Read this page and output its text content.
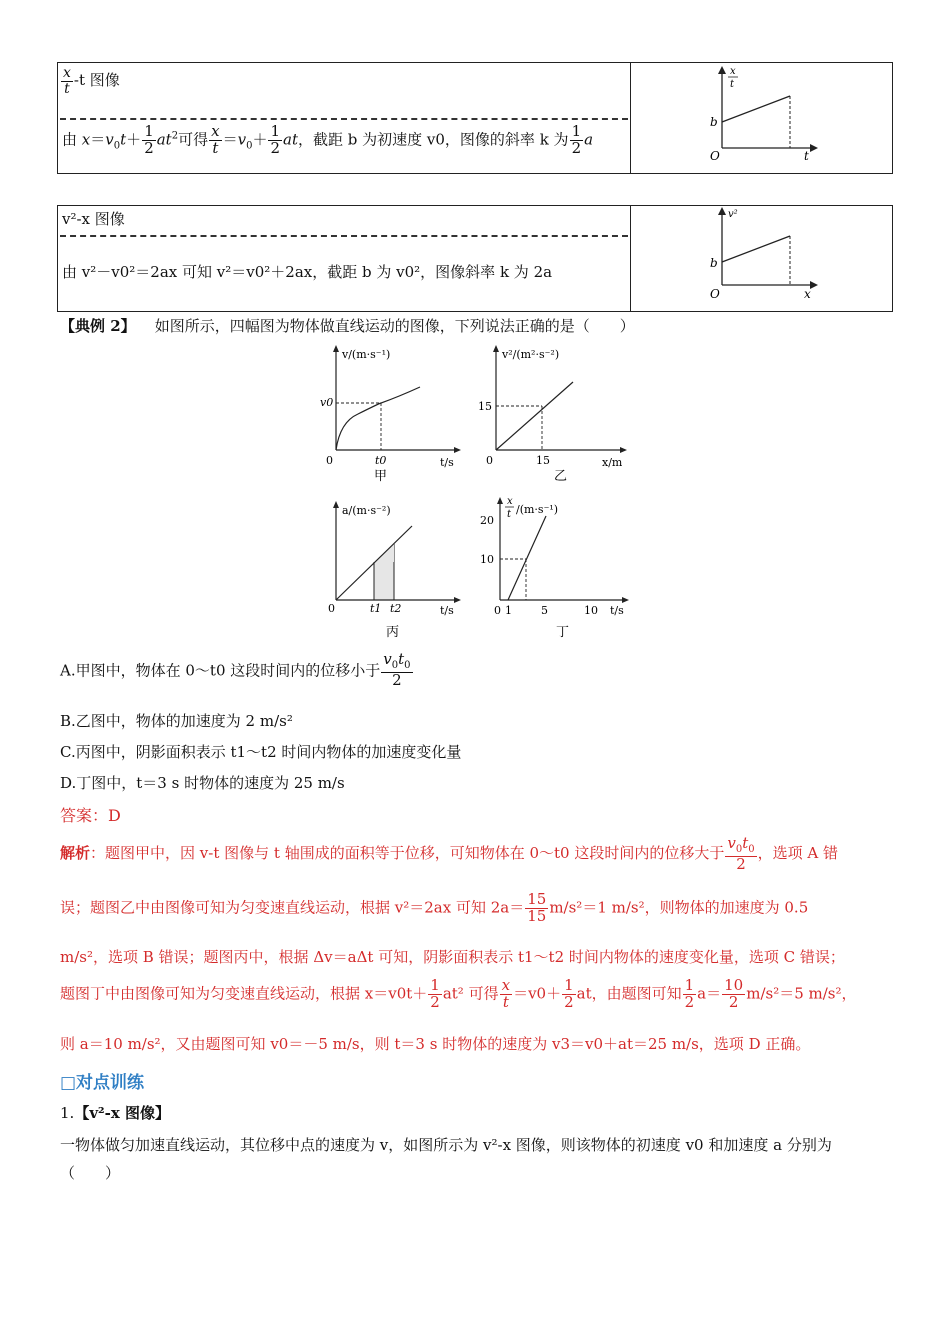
$\frac{x}{t} -t$ 图像
由 $x=v_0t+ \frac{1}{2} at^2$可得 $\frac{x}{t} =v_0+ \frac{1}{2}$ at，截距 b 为初速度 v0，图像的斜率 k 为 $\frac{1}{2}$ a
x
t
b
O	t
v²-x 图像
由 v²－v0²＝2ax 可知 v²＝v0²＋2ax，截距 b 为 v0²，图像斜率 k 为 2a
v²
b
O	x
【典例 2】 如图所示，四幅图为物体做直线运动的图像，下列说法正确的是（　　）
v/(m·s⁻¹)
v0
0	t0	t/s
甲
v²/(m²·s⁻²)
15
0	15	x/m
乙
a/(m·s⁻²)
0	t1 t2	t/s
丙
x
t /(m·s⁻¹)
20
10
0 1	5	10 t/s
丁
A.甲图中，物体在 0～t0 这段时间内的位移小于 $\frac{v_0t_0}{2}$
B.乙图中，物体的加速度为 2 m/s²
C.丙图中，阴影面积表示 t1～t2 时间内物体的加速度变化量
D.丁图中，t＝3 s 时物体的速度为 25 m/s
答案：D
解析：题图甲中，因 v-t 图像与 t 轴围成的面积等于位移，可知物体在 0～t0 这段时间内的位移大于 $\frac{v_0t_0}{2}$ ，选项 A 错
误；题图乙中由图像可知为匀变速直线运动，根据 v²＝2ax 可知 $2a= \frac{15}{15} m/s^2=1$ m/s²，则物体的加速度为 0.5
m/s²，选项 B 错误；题图丙中，根据 Δv＝aΔt 可知，阴影面积表示 t1～t2 时间内物体的速度变化量，选项 C 错误；
题图丁中由图像可知为匀变速直线运动，根据 $x=v0t+ \frac{1}{2} at^2$ 可得 $\frac{x}{t} =v0+ \frac{1}{2}$ at，由题图可知 $\frac{1}{2} a= \frac{10}{2} m/s^2=5$ m/s²，
则 a＝10 m/s²，又由题图可知 v0＝－5 m/s，则 t＝3 s 时物体的速度为 v3＝v0＋at＝25 m/s，选项 D 正确。
□对点训练
1.【v²-x 图像】
一物体做匀加速直线运动，其位移中点的速度为 v，如图所示为 v²-x 图像，则该物体的初速度 v0 和加速度 a 分别为
（　　）
